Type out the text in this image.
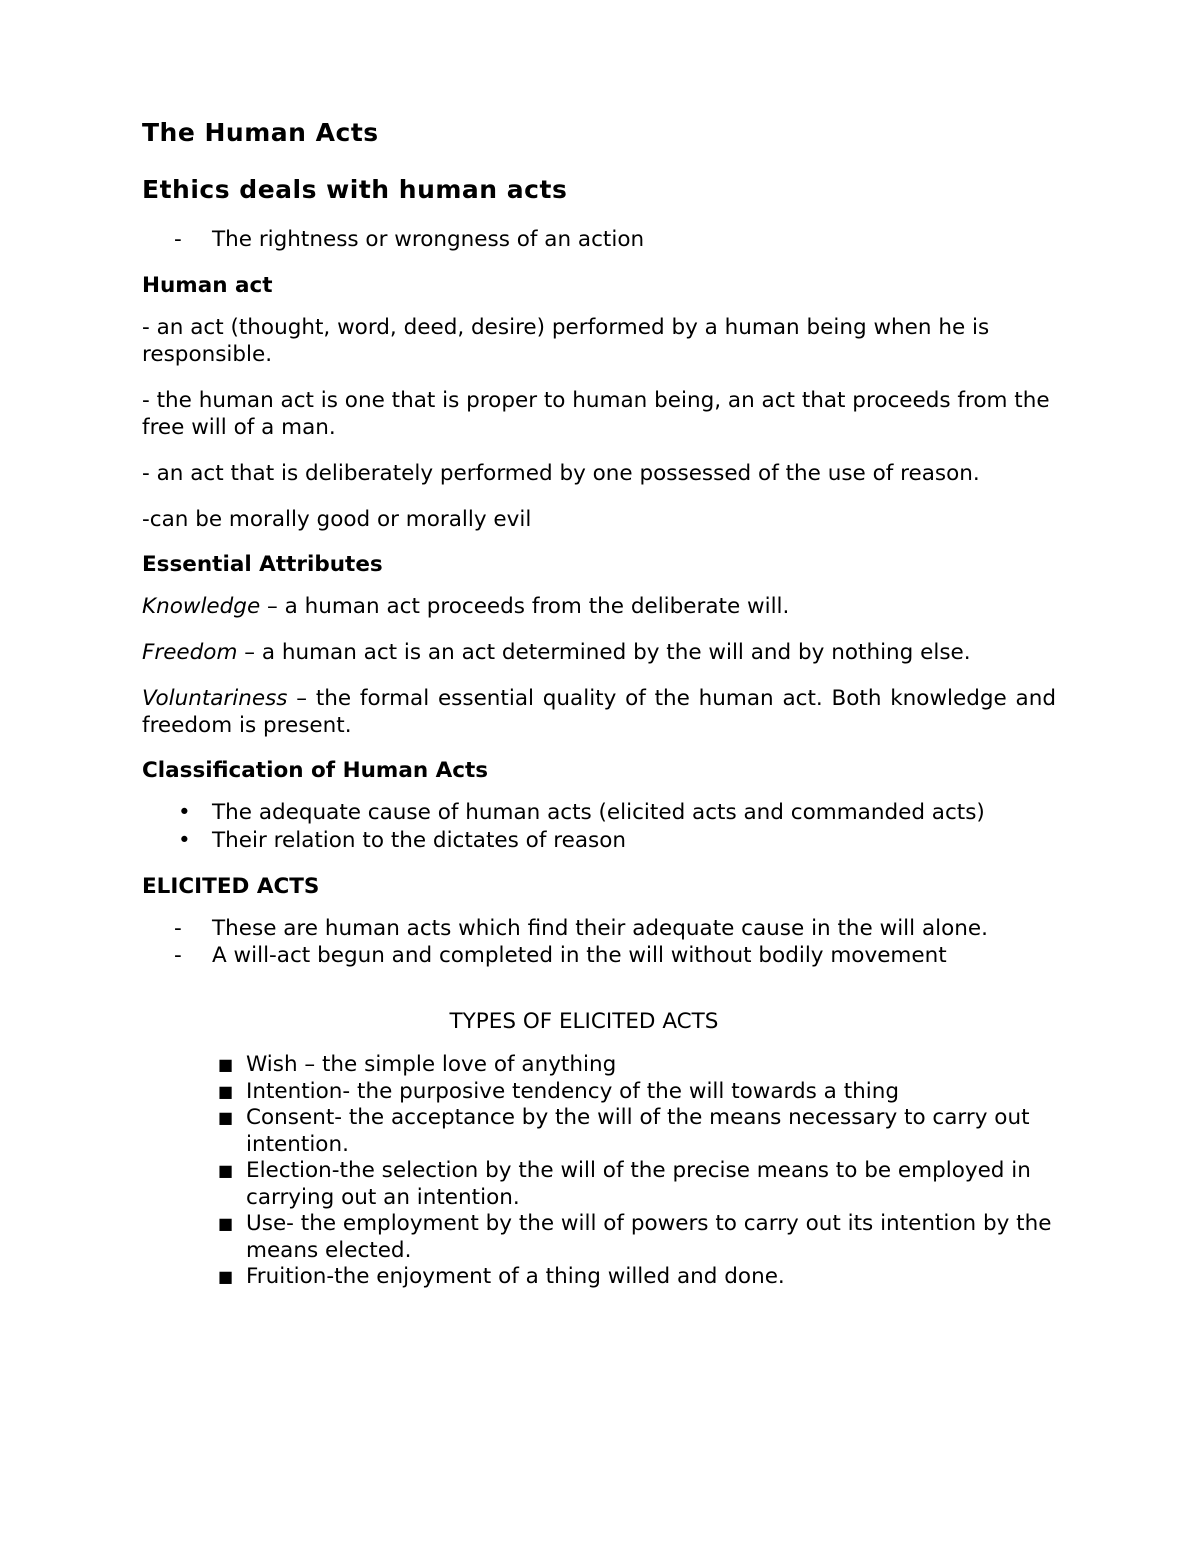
The Human Acts
Ethics deals with human acts
- The rightness or wrongness of an action
Human act

- an act (thought, word, deed, desire) performed by a human being when he is responsible.

- the human act is one that is proper to human being, an act that proceeds from the free will of a man.

- an act that is deliberately performed by one possessed of the use of reason.

-can be morally good or morally evil

Essential Attributes

Knowledge – a human act proceeds from the deliberate will.

Freedom – a human act is an act determined by the will and by nothing else.

Voluntariness – the formal essential quality of the human act. Both knowledge and freedom is present.

Classification of Human Acts
• The adequate cause of human acts (elicited acts and commanded acts)
• Their relation to the dictates of reason
ELICITED ACTS
- These are human acts which find their adequate cause in the will alone.
- A will-act begun and completed in the will without bodily movement
TYPES OF ELICITED ACTS
■ Wish – the simple love of anything
■ Intention- the purposive tendency of the will towards a thing
■ Consent- the acceptance by the will of the means necessary to carry out intention.
■ Election-the selection by the will of the precise means to be employed in carrying out an intention.
■ Use- the employment by the will of powers to carry out its intention by the means elected.
■ Fruition-the enjoyment of a thing willed and done.
